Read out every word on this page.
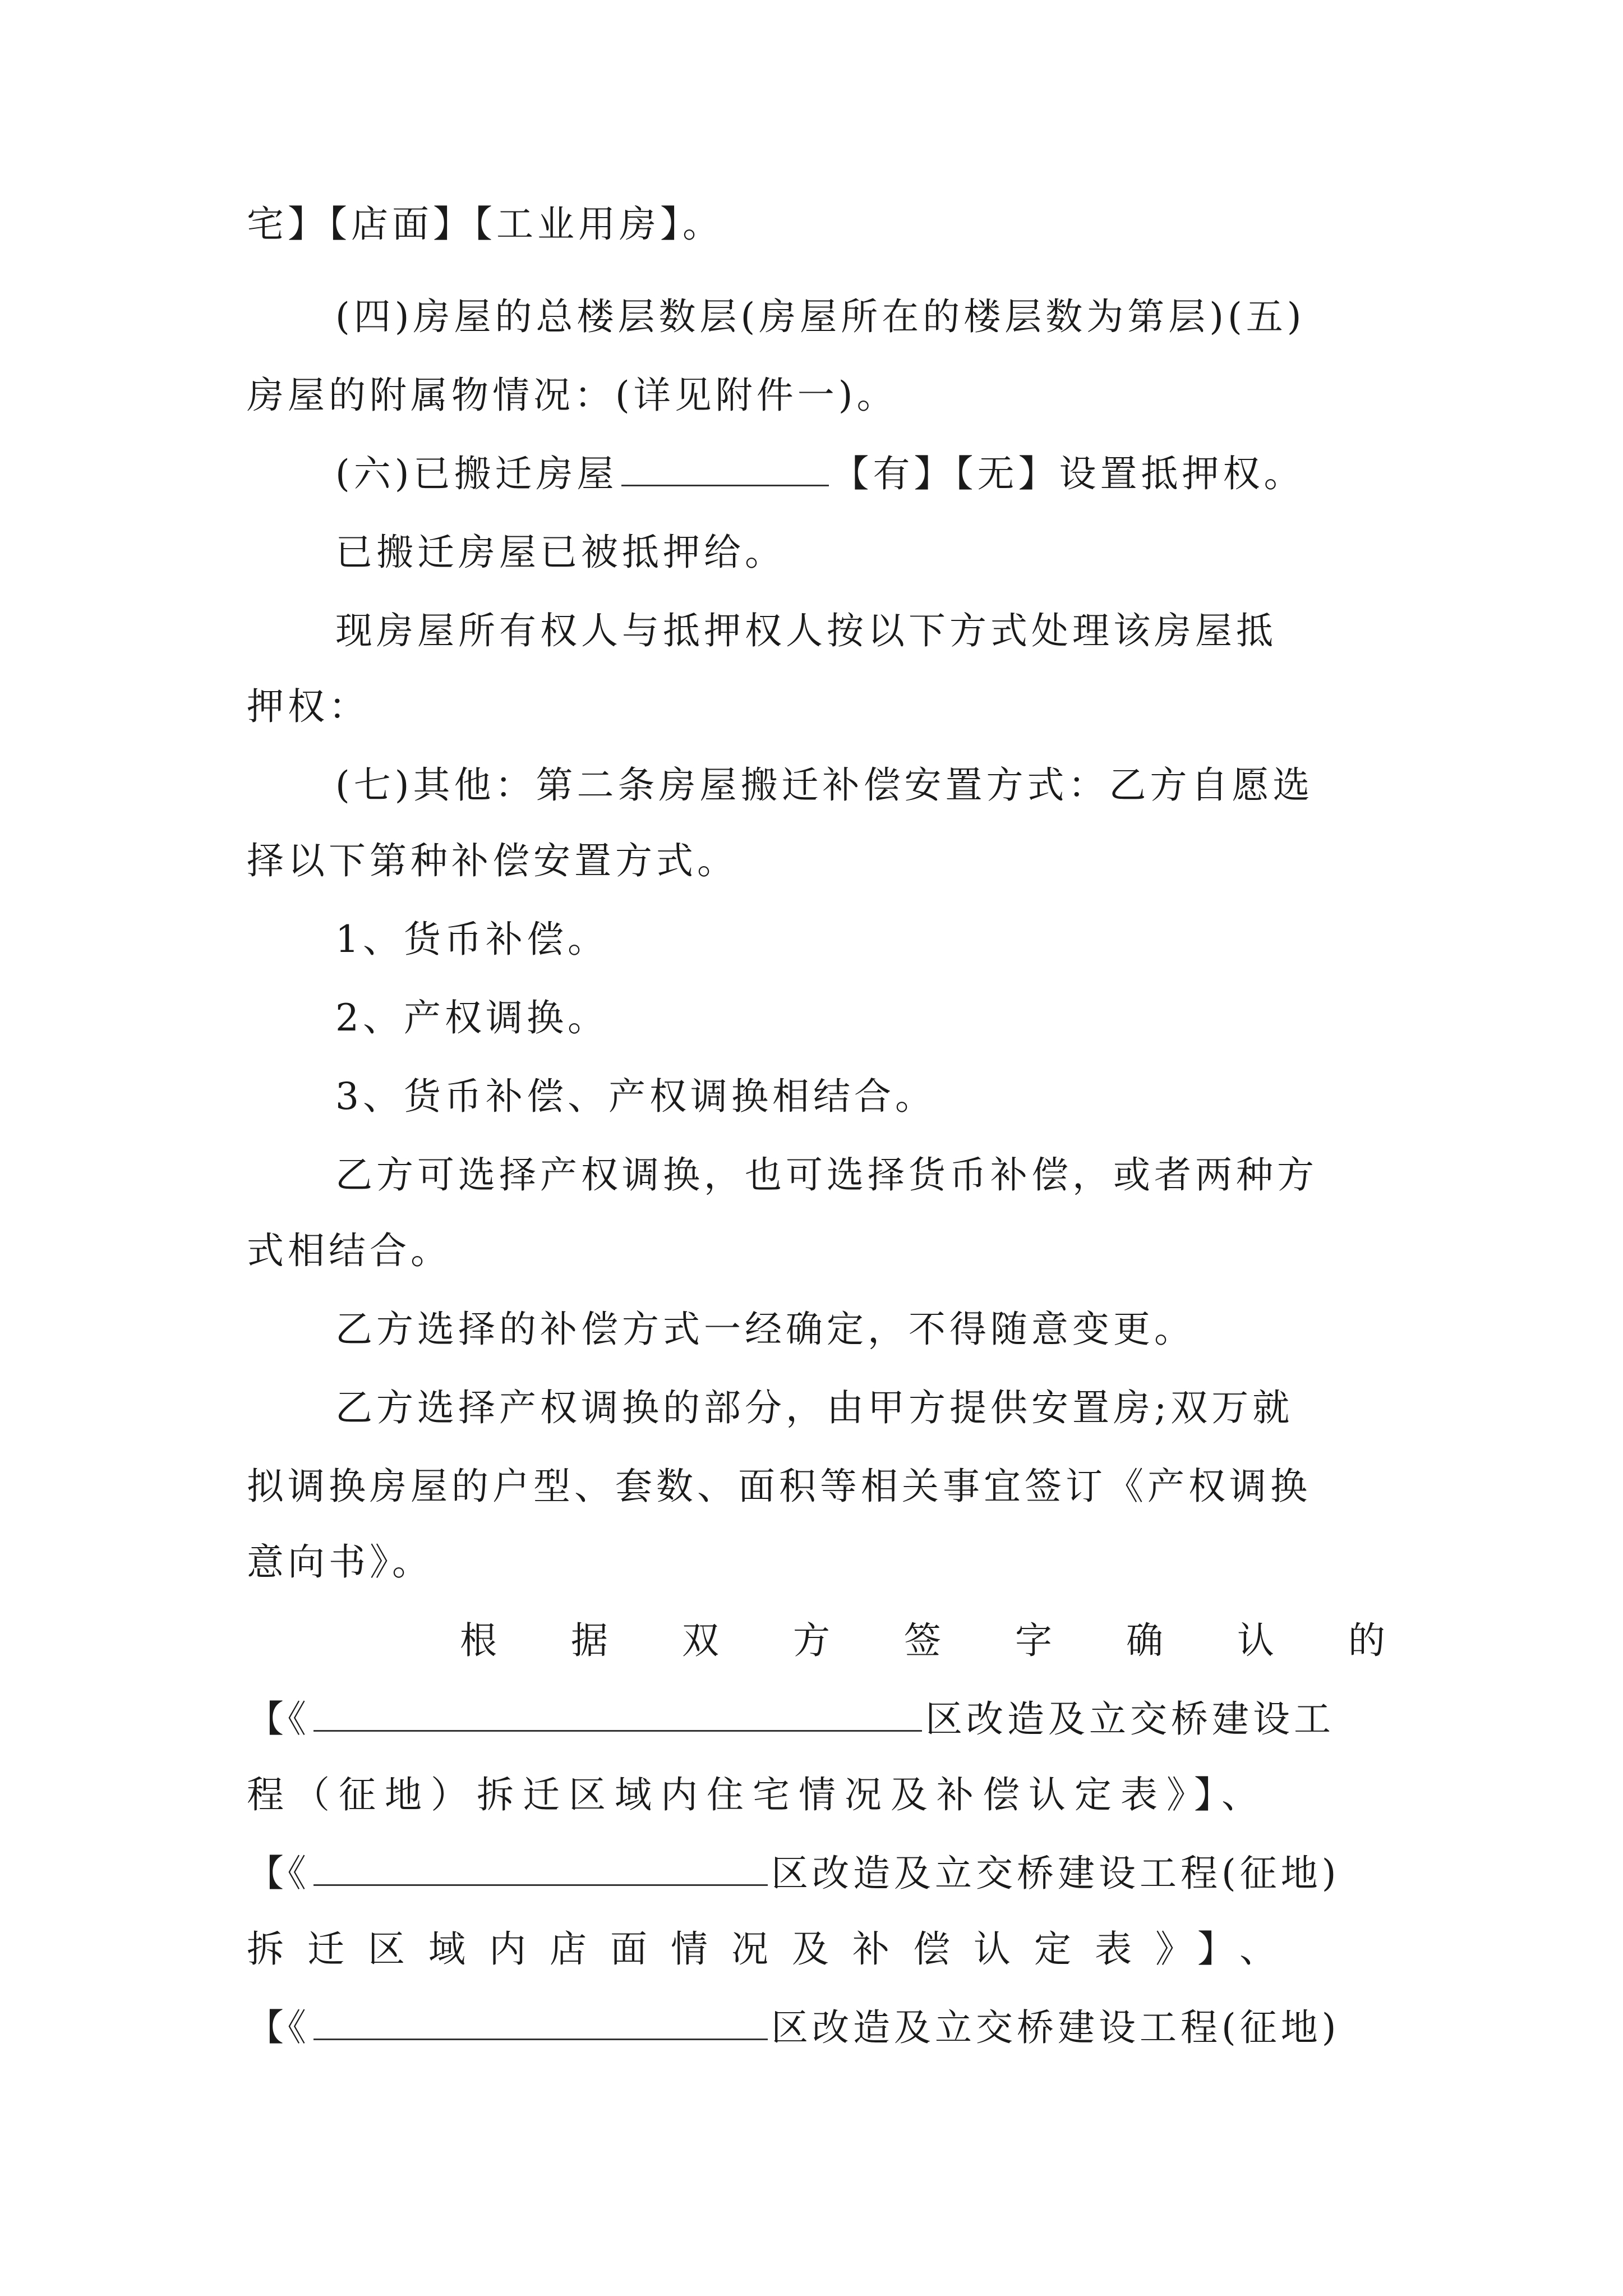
宅】【店面】【工业用房】。
(四)房屋的总楼层数层(房屋所在的楼层数为第层)(五)
房屋的附属物情况：(详见附件一)。
(六)已搬迁房屋	【有】【无】设置抵押权。
已搬迁房屋已被抵押给。
现房屋所有权人与抵押权人按以下方式处理该房屋抵
押权：
(七)其他：第二条房屋搬迁补偿安置方式：乙方自愿选
择以下第种补偿安置方式。
1、货币补偿。
2、产权调换。
3、货币补偿、产权调换相结合。
乙方可选择产权调换，也可选择货币补偿，或者两种方
式相结合。
乙方选择的补偿方式一经确定，不得随意变更。
乙方选择产权调换的部分，由甲方提供安置房;双万就
拟调换房屋的户型、套数、面积等相关事宜签订《产权调换
意向书》。
根 据 双 方 签 字 确 认 的
【《	区改造及立交桥建设工
程（征地）拆迁区域内住宅情况及补偿认定表》】、
【《	区改造及立交桥建设工程(征地)
拆迁区域内店面情况及补偿认定表》】、
【《	区改造及立交桥建设工程(征地)
